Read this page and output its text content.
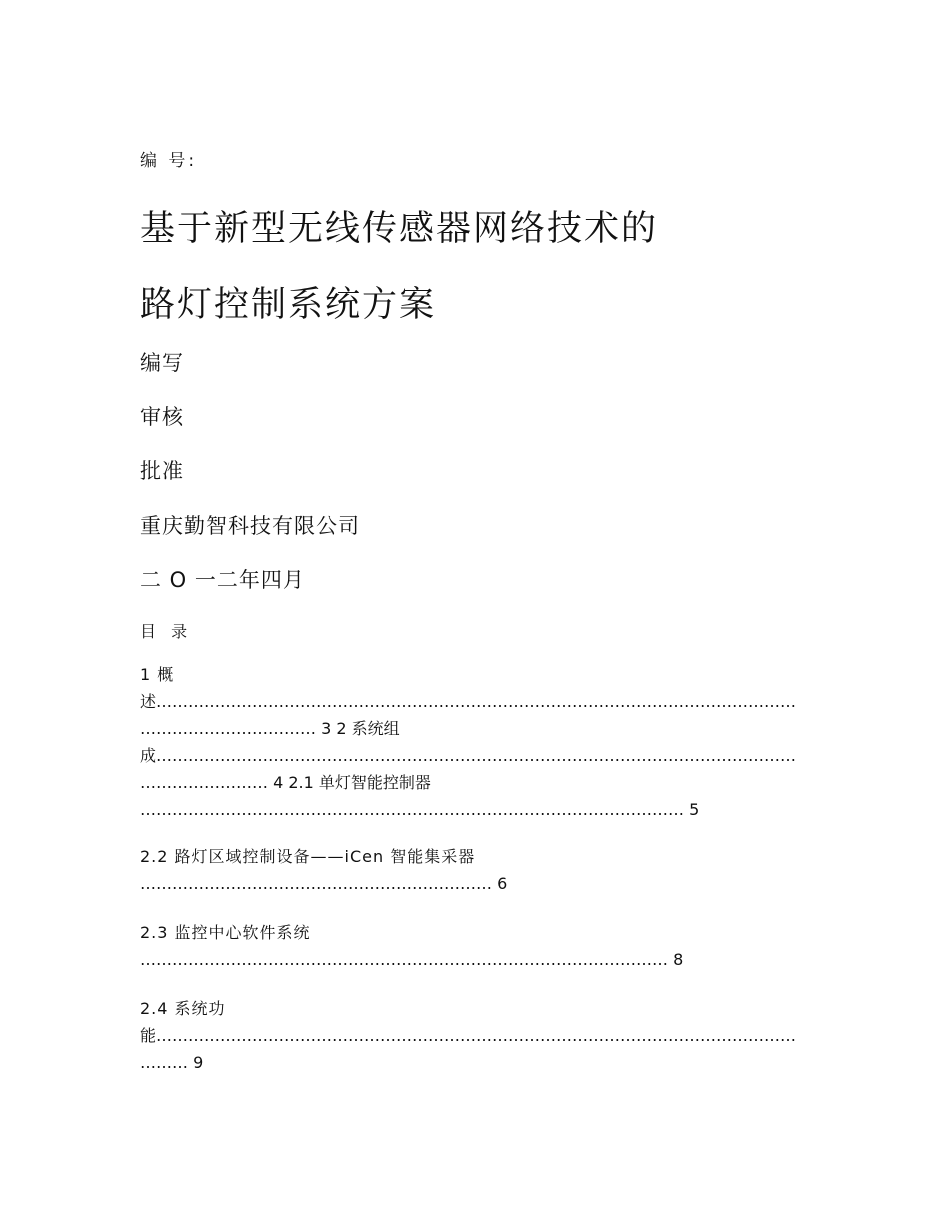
编 号:
基于新型无线传感器网络技术的
路灯控制系统方案
编写
审核
批准
重庆勤智科技有限公司
二 O 一二年四月
目 录
1 概
述…………………………………………………………………………………………………………
…………………………… 3 2 系统组
成…………………………………………………………………………………………………………
…………………… 4 2.1 单灯智能控制器
………………………………………………………………………………………… 5
2.2 路灯区域控制设备——iCen 智能集采器
………………………………………………………… 6
2.3 监控中心软件系统
……………………………………………………………………………………… 8
2.4 系统功
能…………………………………………………………………………………………………………
……… 9
